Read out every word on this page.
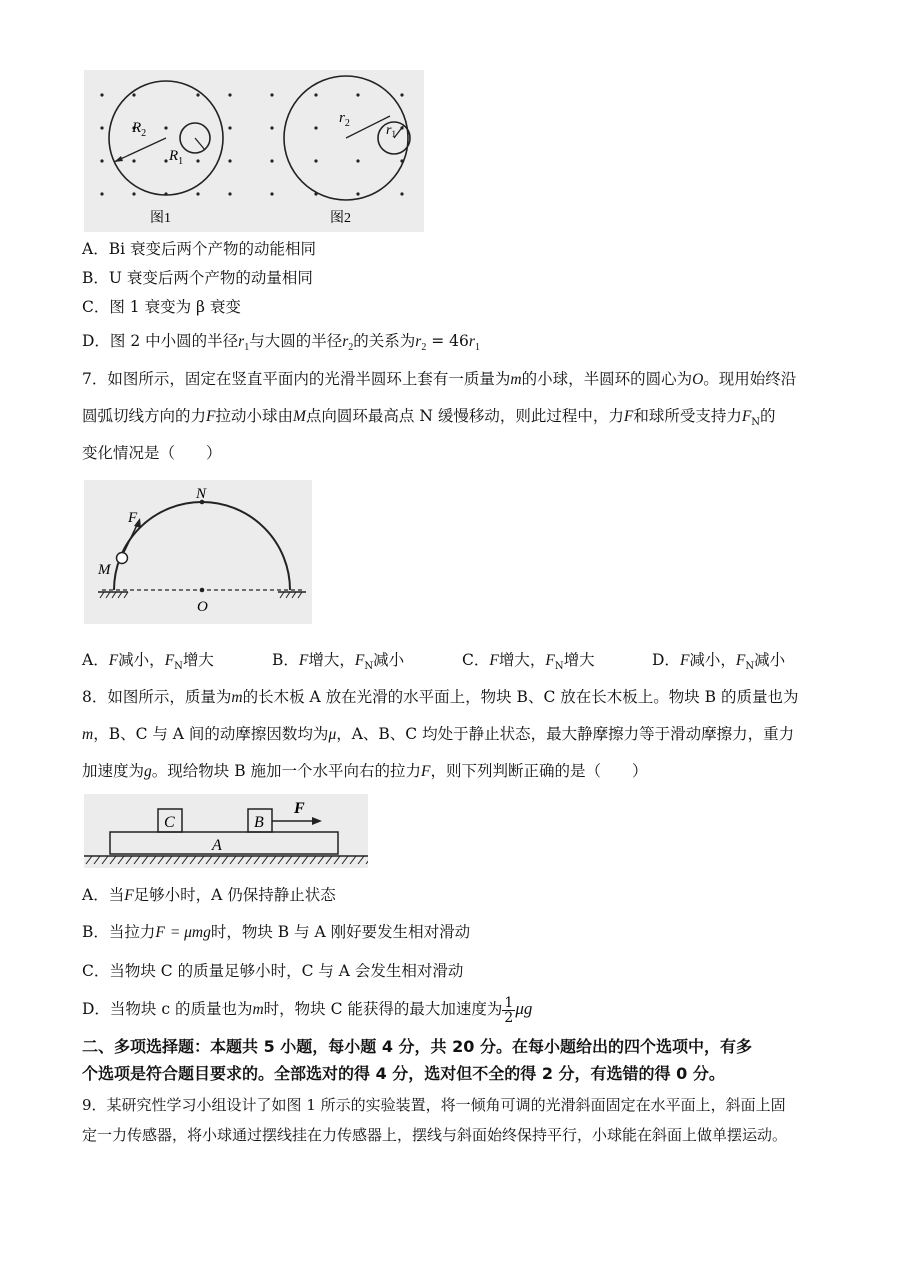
$R_2$
$R_1$
$r_2$	$r_1$
图1	图2
A．Bi 衰变后两个产物的动能相同
B．U 衰变后两个产物的动量相同
C．图 1 衰变为 β 衰变
D．图 2 中小圆的半径$r_1$与大圆的半径$r_2$的关系为$r_2 = 46r_1$
7．如图所示，固定在竖直平面内的光滑半圆环上套有一质量为m的小球，半圆环的圆心为O。现用始终沿
圆弧切线方向的力F拉动小球由M点向圆环最高点 N 缓慢移动，则此过程中，力F和球所受支持力$F_N$的
变化情况是（　　）
N
F
M
O
A．F减小，$F_N$增大	B．F增大，$F_N$减小	C．F增大，$F_N$增大	D．F减小，$F_N$减小
8．如图所示，质量为m的长木板 A 放在光滑的水平面上，物块 B、C 放在长木板上。物块 B 的质量也为
m，B、C 与 A 间的动摩擦因数均为μ，A、B、C 均处于静止状态，最大静摩擦力等于滑动摩擦力，重力
加速度为g。现给物块 B 施加一个水平向右的拉力F，则下列判断正确的是（　　）
C	B
F
A
A．当F足够小时，A 仍保持静止状态
B．当拉力F = μmg时，物块 B 与 A 刚好要发生相对滑动
C．当物块 C 的质量足够小时，C 与 A 会发生相对滑动
D．当物块 c 的质量也为m时，物块 C 能获得的最大加速度为 $\frac{1}{2}$ μg
二、多项选择题：本题共 5 小题，每小题 4 分，共 20 分。在每小题给出的四个选项中，有多
个选项是符合题目要求的。全部选对的得 4 分，选对但不全的得 2 分，有选错的得 0 分。
9．某研究性学习小组设计了如图 1 所示的实验装置，将一倾角可调的光滑斜面固定在水平面上，斜面上固
定一力传感器，将小球通过摆线挂在力传感器上，摆线与斜面始终保持平行，小球能在斜面上做单摆运动。
